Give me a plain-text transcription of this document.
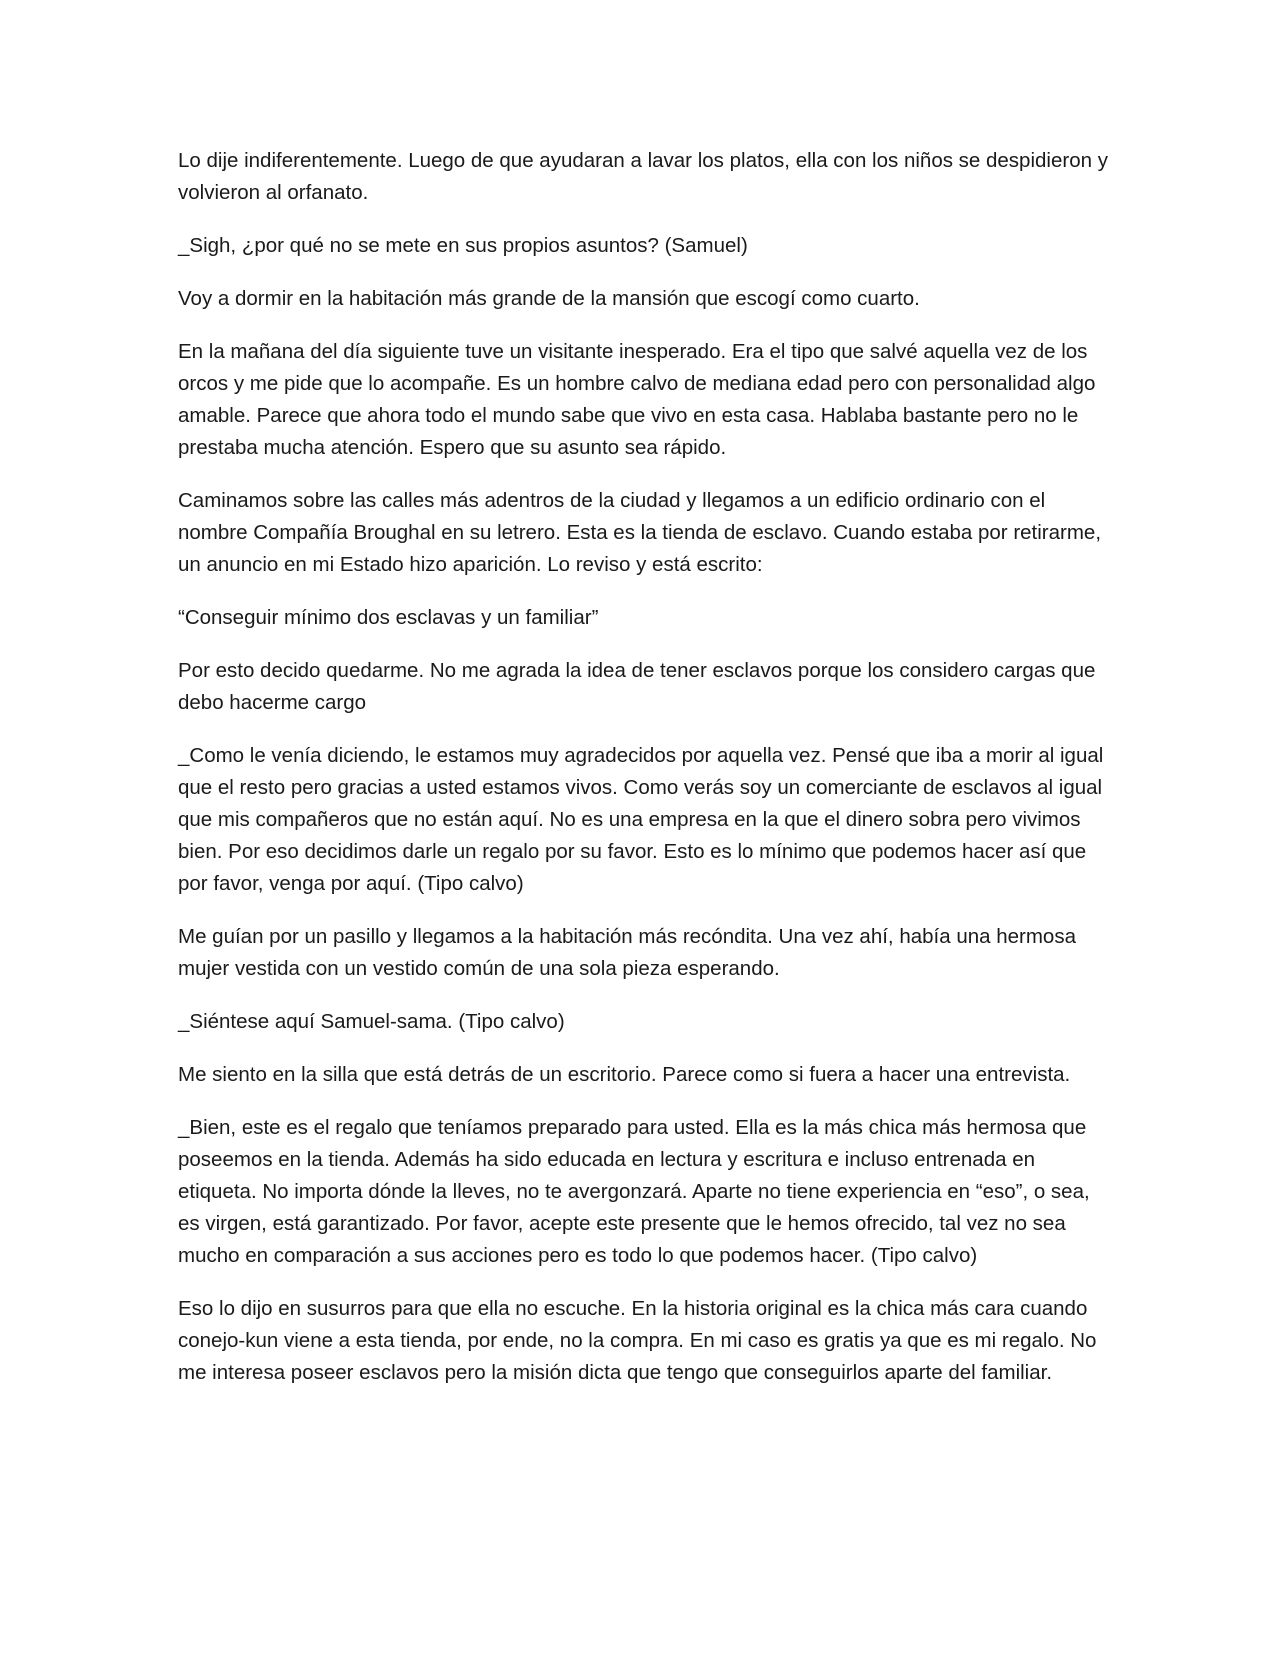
Lo dije indiferentemente. Luego de que ayudaran a lavar los platos, ella con los niños se despidieron y volvieron al orfanato.

_Sigh, ¿por qué no se mete en sus propios asuntos? (Samuel)

Voy a dormir en la habitación más grande de la mansión que escogí como cuarto.

En la mañana del día siguiente tuve un visitante inesperado. Era el tipo que salvé aquella vez de los orcos y me pide que lo acompañe. Es un hombre calvo de mediana edad pero con personalidad algo amable. Parece que ahora todo el mundo sabe que vivo en esta casa. Hablaba bastante pero no le prestaba mucha atención. Espero que su asunto sea rápido.

Caminamos sobre las calles más adentros de la ciudad y llegamos a un edificio ordinario con el nombre Compañía Broughal en su letrero. Esta es la tienda de esclavo. Cuando estaba por retirarme, un anuncio en mi Estado hizo aparición. Lo reviso y está escrito:

“Conseguir mínimo dos esclavas y un familiar”

Por esto decido quedarme. No me agrada la idea de tener esclavos porque los considero cargas que debo hacerme cargo

_Como le venía diciendo, le estamos muy agradecidos por aquella vez. Pensé que iba a morir al igual que el resto pero gracias a usted estamos vivos. Como verás soy un comerciante de esclavos al igual que mis compañeros que no están aquí. No es una empresa en la que el dinero sobra pero vivimos bien. Por eso decidimos darle un regalo por su favor. Esto es lo mínimo que podemos hacer así que por favor, venga por aquí. (Tipo calvo)

Me guían por un pasillo y llegamos a la habitación más recóndita. Una vez ahí, había una hermosa mujer vestida con un vestido común de una sola pieza esperando.

_Siéntese aquí Samuel-sama. (Tipo calvo)

Me siento en la silla que está detrás de un escritorio. Parece como si fuera a hacer una entrevista.

_Bien, este es el regalo que teníamos preparado para usted. Ella es la más chica más hermosa que poseemos en la tienda. Además ha sido educada en lectura y escritura e incluso entrenada en etiqueta. No importa dónde la lleves, no te avergonzará. Aparte no tiene experiencia en “eso”, o sea, es virgen, está garantizado. Por favor, acepte este presente que le hemos ofrecido, tal vez no sea mucho en comparación a sus acciones pero es todo lo que podemos hacer. (Tipo calvo)

Eso lo dijo en susurros para que ella no escuche. En la historia original es la chica más cara cuando conejo-kun viene a esta tienda, por ende, no la compra. En mi caso es gratis ya que es mi regalo. No me interesa poseer esclavos pero la misión dicta que tengo que conseguirlos aparte del familiar.
